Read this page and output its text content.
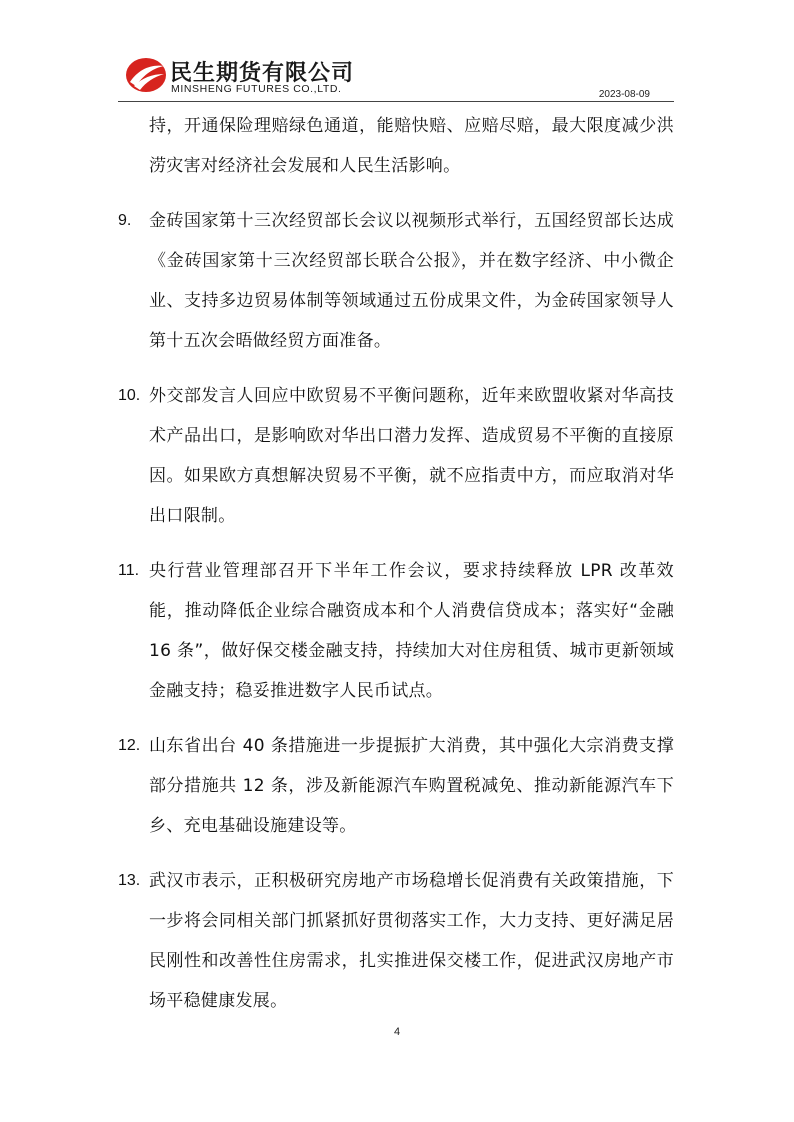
民生期货有限公司
MINSHENG FUTURES CO.,LTD.	2023-08-09
持，开通保险理赔绿色通道，能赔快赔、应赔尽赔，最大限度减少洪涝灾害对经济社会发展和人民生活影响。
9. 金砖国家第十三次经贸部长会议以视频形式举行，五国经贸部长达成《金砖国家第十三次经贸部长联合公报》，并在数字经济、中小微企业、支持多边贸易体制等领域通过五份成果文件，为金砖国家领导人第十五次会晤做经贸方面准备。
10. 外交部发言人回应中欧贸易不平衡问题称，近年来欧盟收紧对华高技术产品出口，是影响欧对华出口潜力发挥、造成贸易不平衡的直接原因。如果欧方真想解决贸易不平衡，就不应指责中方，而应取消对华出口限制。
11. 央行营业管理部召开下半年工作会议，要求持续释放 LPR 改革效能，推动降低企业综合融资成本和个人消费信贷成本；落实好“金融 16 条”，做好保交楼金融支持，持续加大对住房租赁、城市更新领域金融支持；稳妥推进数字人民币试点。
12. 山东省出台 40 条措施进一步提振扩大消费，其中强化大宗消费支撑部分措施共 12 条，涉及新能源汽车购置税减免、推动新能源汽车下乡、充电基础设施建设等。
13. 武汉市表示，正积极研究房地产市场稳增长促消费有关政策措施，下一步将会同相关部门抓紧抓好贯彻落实工作，大力支持、更好满足居民刚性和改善性住房需求，扎实推进保交楼工作，促进武汉房地产市场平稳健康发展。
4
